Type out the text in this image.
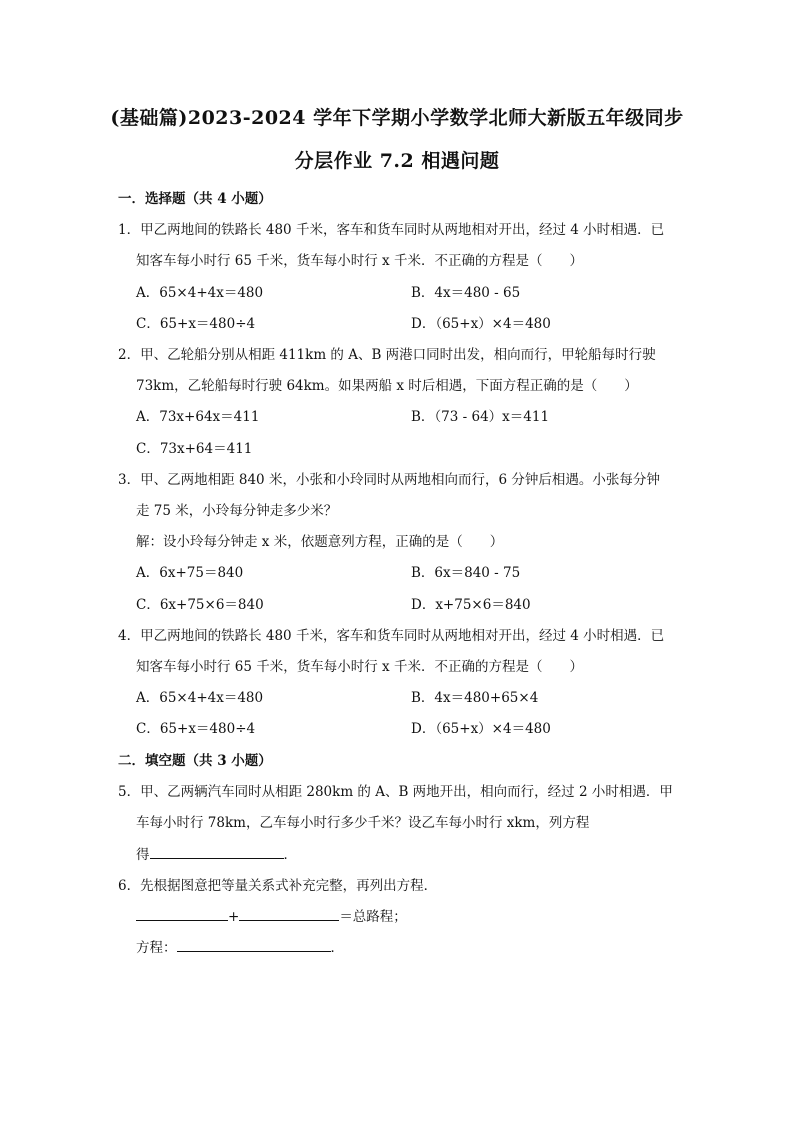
(基础篇)2023-2024 学年下学期小学数学北师大新版五年级同步
分层作业 7.2 相遇问题
一．选择题（共 4 小题）
1．甲乙两地间的铁路长 480 千米，客车和货车同时从两地相对开出，经过 4 小时相遇．已
知客车每小时行 65 千米，货车每小时行 x 千米．不正确的方程是（　　）
A．65×4+4x＝480	B．4x＝480 - 65
C．65+x＝480÷4	D．（65+x）×4＝480
2．甲、乙轮船分别从相距 411km 的 A、B 两港口同时出发，相向而行，甲轮船每时行驶
73km，乙轮船每时行驶 64km。如果两船 x 时后相遇，下面方程正确的是（　　）
A．73x+64x＝411	B．（73 - 64）x＝411
C．73x+64＝411
3．甲、乙两地相距 840 米，小张和小玲同时从两地相向而行，6 分钟后相遇。小张每分钟
走 75 米，小玲每分钟走多少米？
解：设小玲每分钟走 x 米，依题意列方程，正确的是（　　）
A．6x+75＝840	B．6x＝840 - 75
C．6x+75×6＝840	D．x+75×6＝840
4．甲乙两地间的铁路长 480 千米，客车和货车同时从两地相对开出，经过 4 小时相遇．已
知客车每小时行 65 千米，货车每小时行 x 千米．不正确的方程是（　　）
A．65×4+4x＝480	B．4x＝480+65×4
C．65+x＝480÷4	D．（65+x）×4＝480
二．填空题（共 3 小题）
5．甲、乙两辆汽车同时从相距 280km 的 A、B 两地开出，相向而行，经过 2 小时相遇．甲
车每小时行 78km，乙车每小时行多少千米？设乙车每小时行 xkm，列方程
得	．
6．先根据图意把等量关系式补充完整，再列出方程．
+	＝总路程；
方程：	．
